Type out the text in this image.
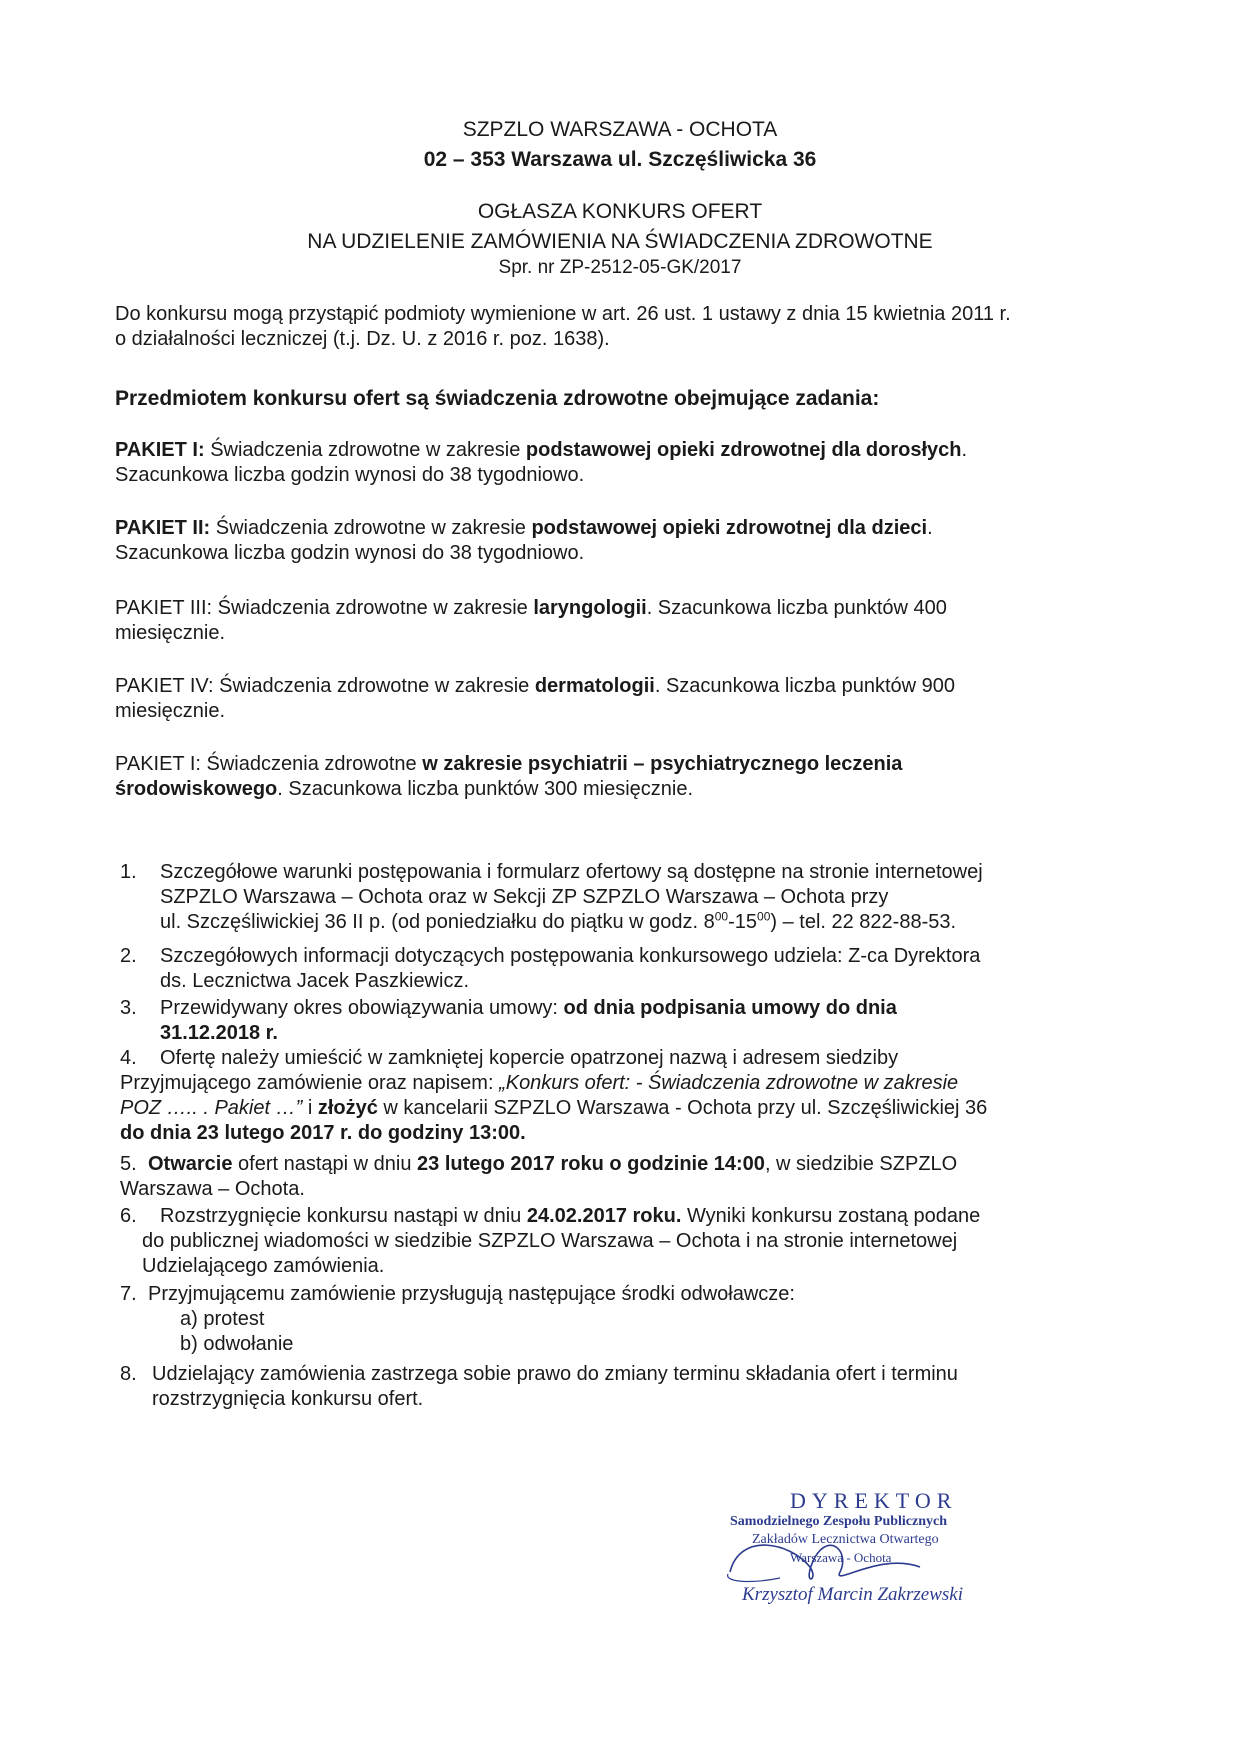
SZPZLO WARSZAWA - OCHOTA
02 – 353 Warszawa ul. Szczęśliwicka 36
OGŁASZA KONKURS OFERT
NA UDZIELENIE ZAMÓWIENIA NA ŚWIADCZENIA ZDROWOTNE
Spr. nr ZP-2512-05-GK/2017
Do konkursu mogą przystąpić podmioty wymienione w art. 26 ust. 1 ustawy z dnia 15 kwietnia 2011 r.
o działalności leczniczej (t.j. Dz. U. z 2016 r. poz. 1638).
Przedmiotem konkursu ofert są świadczenia zdrowotne obejmujące zadania:
PAKIET I: Świadczenia zdrowotne w zakresie podstawowej opieki zdrowotnej dla dorosłych.
Szacunkowa liczba godzin wynosi do 38 tygodniowo.
PAKIET II: Świadczenia zdrowotne w zakresie podstawowej opieki zdrowotnej dla dzieci.
Szacunkowa liczba godzin wynosi do 38 tygodniowo.
PAKIET III: Świadczenia zdrowotne w zakresie laryngologii. Szacunkowa liczba punktów 400
miesięcznie.
PAKIET IV: Świadczenia zdrowotne w zakresie dermatologii. Szacunkowa liczba punktów 900
miesięcznie.
PAKIET I: Świadczenia zdrowotne w zakresie psychiatrii – psychiatrycznego leczenia
środowiskowego. Szacunkowa liczba punktów 300 miesięcznie.
1.	Szczegółowe warunki postępowania i formularz ofertowy są dostępne na stronie internetowej
SZPZLO Warszawa – Ochota oraz w Sekcji ZP SZPZLO Warszawa – Ochota przy
ul. Szczęśliwickiej 36 II p. (od poniedziałku do piątku w godz. $8^{00}-15^{00}$) – tel. 22 822-88-53.
2.	Szczegółowych informacji dotyczących postępowania konkursowego udziela: Z-ca Dyrektora
ds. Lecznictwa Jacek Paszkiewicz.
3.	Przewidywany okres obowiązywania umowy: od dnia podpisania umowy do dnia
31.12.2018 r.
4.	Ofertę należy umieścić w zamkniętej kopercie opatrzonej nazwą i adresem siedziby
Przyjmującego zamówienie oraz napisem: „Konkurs ofert: - Świadczenia zdrowotne w zakresie
POZ ….. . Pakiet …” i złożyć w kancelarii SZPZLO Warszawa - Ochota przy ul. Szczęśliwickiej 36
do dnia 23 lutego 2017 r. do godziny 13:00.
5. Otwarcie ofert nastąpi w dniu 23 lutego 2017 roku o godzinie 14:00, w siedzibie SZPZLO
Warszawa – Ochota.
6.	Rozstrzygnięcie konkursu nastąpi w dniu 24.02.2017 roku. Wyniki konkursu zostaną podane
do publicznej wiadomości w siedzibie SZPZLO Warszawa – Ochota i na stronie internetowej
Udzielającego zamówienia.
7. Przyjmującemu zamówienie przysługują następujące środki odwoławcze:
a) protest
b) odwołanie
8. Udzielający zamówienia zastrzega sobie prawo do zmiany terminu składania ofert i terminu
rozstrzygnięcia konkursu ofert.
DYREKTOR
Samodzielnego Zespołu Publicznych
Zakładów Lecznictwa Otwartego
Warszawa - Ochota
Krzysztof Marcin Zakrzewski
